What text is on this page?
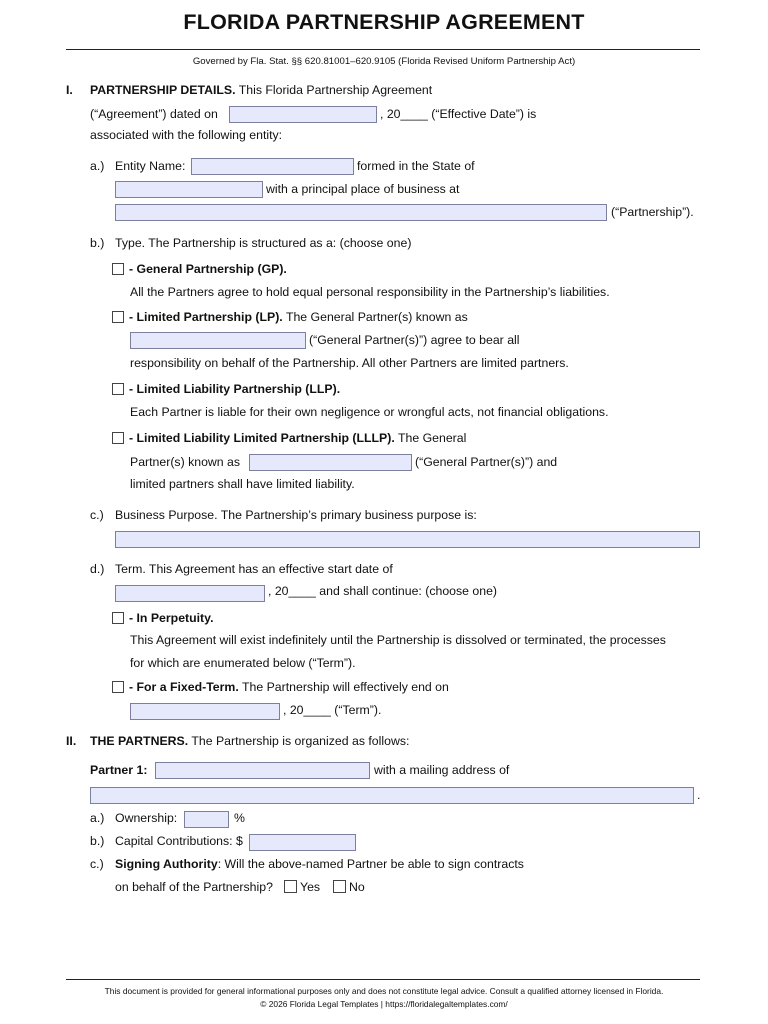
FLORIDA PARTNERSHIP AGREEMENT
Governed by Fla. Stat. §§ 620.81001–620.9105 (Florida Revised Uniform Partnership Act)
I. PARTNERSHIP DETAILS. This Florida Partnership Agreement
(“Agreement”) dated on	, 20____ (“Effective Date”) is
associated with the following entity:
a.) Entity Name:	formed in the State of
with a principal place of business at
(“Partnership”).
b.) Type. The Partnership is structured as a: (choose one)
- General Partnership (GP).
All the Partners agree to hold equal personal responsibility in the Partnership’s liabilities.
- Limited Partnership (LP). The General Partner(s) known as
(“General Partner(s)”) agree to bear all
responsibility on behalf of the Partnership. All other Partners are limited partners.
- Limited Liability Partnership (LLP).
Each Partner is liable for their own negligence or wrongful acts, not financial obligations.
- Limited Liability Limited Partnership (LLLP). The General
Partner(s) known as	(“General Partner(s)”) and
limited partners shall have limited liability.
c.) Business Purpose. The Partnership’s primary business purpose is:
d.) Term. This Agreement has an effective start date of
, 20____ and shall continue: (choose one)
- In Perpetuity.
This Agreement will exist indefinitely until the Partnership is dissolved or terminated, the processes
for which are enumerated below (“Term”).
- For a Fixed-Term. The Partnership will effectively end on
, 20____ (“Term”).
II. THE PARTNERS. The Partnership is organized as follows:
Partner 1:	with a mailing address of
.
a.) Ownership:	%
b.) Capital Contributions: $
c.) Signing Authority: Will the above-named Partner be able to sign contracts
on behalf of the Partnership? Yes No
This document is provided for general informational purposes only and does not constitute legal advice. Consult a qualified attorney licensed in Florida.
© 2026 Florida Legal Templates | https://floridalegaltemplates.com/
